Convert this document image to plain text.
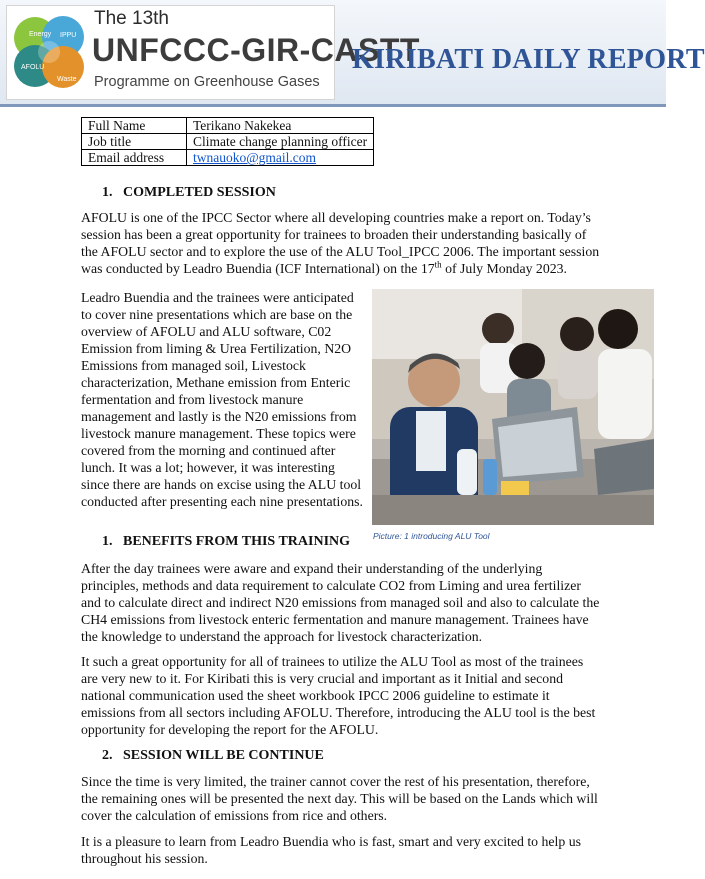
Energy IPPU
AFOLU
Waste
The 13th
UNFCCC-GIR-CASTT
Programme on Greenhouse Gases
KIRIBATI DAILY REPORT
Full Name	Terikano Nakekea
Job title	Climate change planning officer
Email address	twnauoko@gmail.com
1. COMPLETED SESSION
AFOLU is one of the IPCC Sector where all developing countries make a report on. Today’s session has been a great opportunity for trainees to broaden their understanding basically of the AFOLU sector and to explore the use of the ALU Tool_IPCC 2006. The important session was conducted by Leadro Buendia (ICF International) on the 17th of July Monday 2023.
Leadro Buendia and the trainees were anticipated to cover nine presentations which are base on the overview of AFOLU and ALU software, C02 Emission from liming & Urea Fertilization, N2O Emissions from managed soil, Livestock characterization, Methane emission from Enteric fermentation and from livestock manure management and lastly is the N20 emissions from livestock manure management. These topics were covered from the morning and continued after lunch. It was a lot; however, it was interesting since there are hands on excise using the ALU tool conducted after presenting each nine presentations.
Picture: 1 introducing ALU Tool
1. BENEFITS FROM THIS TRAINING
After the day trainees were aware and expand their understanding of the underlying principles, methods and data requirement to calculate CO2 from Liming and urea fertilizer and to calculate direct and indirect N20 emissions from managed soil and also to calculate the CH4 emissions from livestock enteric fermentation and manure management. Trainees have the knowledge to understand the approach for livestock characterization.
It such a great opportunity for all of trainees to utilize the ALU Tool as most of the trainees are very new to it. For Kiribati this is very crucial and important as it Initial and second national communication used the sheet workbook IPCC 2006 guideline to estimate it emissions from all sectors including AFOLU. Therefore, introducing the ALU tool is the best opportunity for developing the report for the AFOLU.
2. SESSION WILL BE CONTINUE
Since the time is very limited, the trainer cannot cover the rest of his presentation, therefore, the remaining ones will be presented the next day. This will be based on the Lands which will cover the calculation of emissions from rice and others.
It is a pleasure to learn from Leadro Buendia who is fast, smart and very excited to help us throughout his session.
